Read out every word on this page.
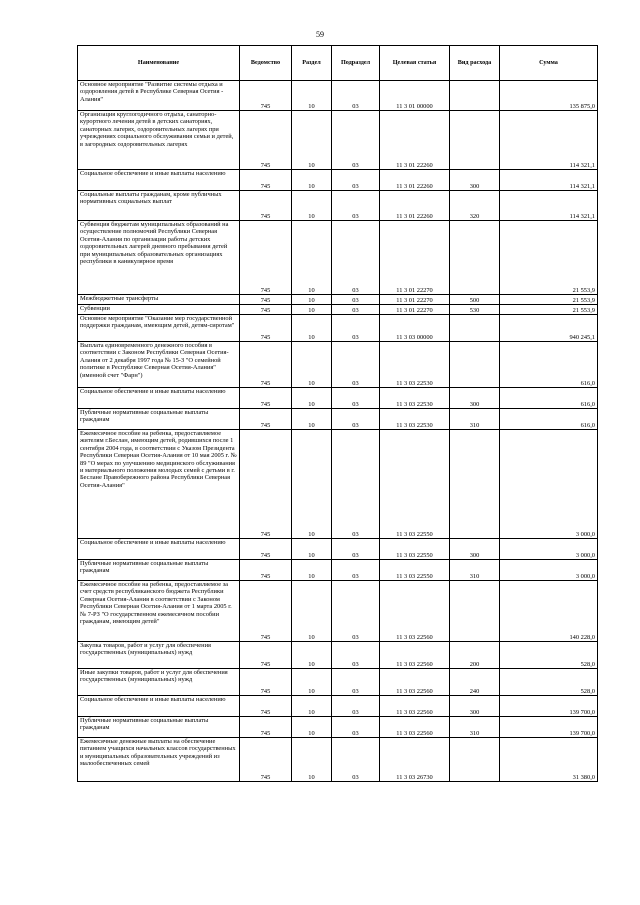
59
Наименование	Ведомство	Раздел	Подраздел	Целевая статья	Вид расхода	Сумма
Основное мероприятие "Развитие системы отдыха и оздоровления детей в Республике Северная Осетия - Алания"	745	10	03	11 3 01 00000		135 875,0
Организация круглогодичного отдыха, санаторно-курортного лечения детей в детских санаториях, санаторных лагерях, оздоровительных лагерях при учреждениях социального обслуживания семьи и детей, в загородных оздоровительных лагерях	745	10	03	11 3 01 22260		114 321,1
Социальное обеспечение и иные выплаты населению	745	10	03	11 3 01 22260	300	114 321,1
Социальные выплаты гражданам, кроме публичных нормативных социальных выплат	745	10	03	11 3 01 22260	320	114 321,1
Субвенция бюджетам муниципальных образований на осуществление полномочий Республики Северная Осетия-Алания по организации работы детских оздоровительных лагерей дневного пребывания детей при муниципальных образовательных организациях республики в каникулярное время	745	10	03	11 3 01 22270		21 553,9
Межбюджетные трансферты	745	10	03	11 3 01 22270	500	21 553,9
Субвенции	745	10	03	11 3 01 22270	530	21 553,9
Основное мероприятие "Оказание мер государственной поддержки гражданам, имеющим детей, детям-сиротам"	745	10	03	11 3 03 00000		940 245,1
Выплата единовременного денежного пособия в соответствии с Законом Республики Северная Осетия-Алания от 2 декабря 1997 года № 15-З "О семейной политике в Республике Северная Осетия-Алания" (именной счет "Фарн")	745	10	03	11 3 03 22530		616,0
Социальное обеспечение и иные выплаты населению	745	10	03	11 3 03 22530	300	616,0
Публичные нормативные социальные выплаты гражданам	745	10	03	11 3 03 22530	310	616,0
Ежемесячное пособие на ребенка, предоставляемое жителям г.Беслан, имеющим детей, родившихся после 1 сентября 2004 года, в соответствии с Указом Президента Республики Северная Осетия-Алания от 10 мая 2005 г. № 89 "О мерах по улучшению медицинского обслуживания и материального положения молодых семей с детьми в г. Беслане Правобережного района Республики Северная Осетия-Алания"	745	10	03	11 3 03 22550		3 000,0
Социальное обеспечение и иные выплаты населению	745	10	03	11 3 03 22550	300	3 000,0
Публичные нормативные социальные выплаты гражданам	745	10	03	11 3 03 22550	310	3 000,0
Ежемесячное пособие на ребенка, предоставляемое за счет средств республиканского бюджета Республики Северная Осетия-Алания в соответствии с Законом Республики Северная Осетия-Алания от 1 марта 2005 г. № 7-РЗ "О государственном ежемесячном пособии гражданам, имеющим детей"	745	10	03	11 3 03 22560		140 228,0
Закупка товаров, работ и услуг для обеспечения государственных (муниципальных) нужд	745	10	03	11 3 03 22560	200	528,0
Иные закупки товаров, работ и услуг для обеспечения государственных (муниципальных) нужд	745	10	03	11 3 03 22560	240	528,0
Социальное обеспечение и иные выплаты населению	745	10	03	11 3 03 22560	300	139 700,0
Публичные нормативные социальные выплаты гражданам	745	10	03	11 3 03 22560	310	139 700,0
Ежемесячные денежные выплаты на обеспечение питанием учащихся начальных классов государственных и муниципальных образовательных учреждений из малообеспеченных семей	745	10	03	11 3 03 26730		31 380,0
